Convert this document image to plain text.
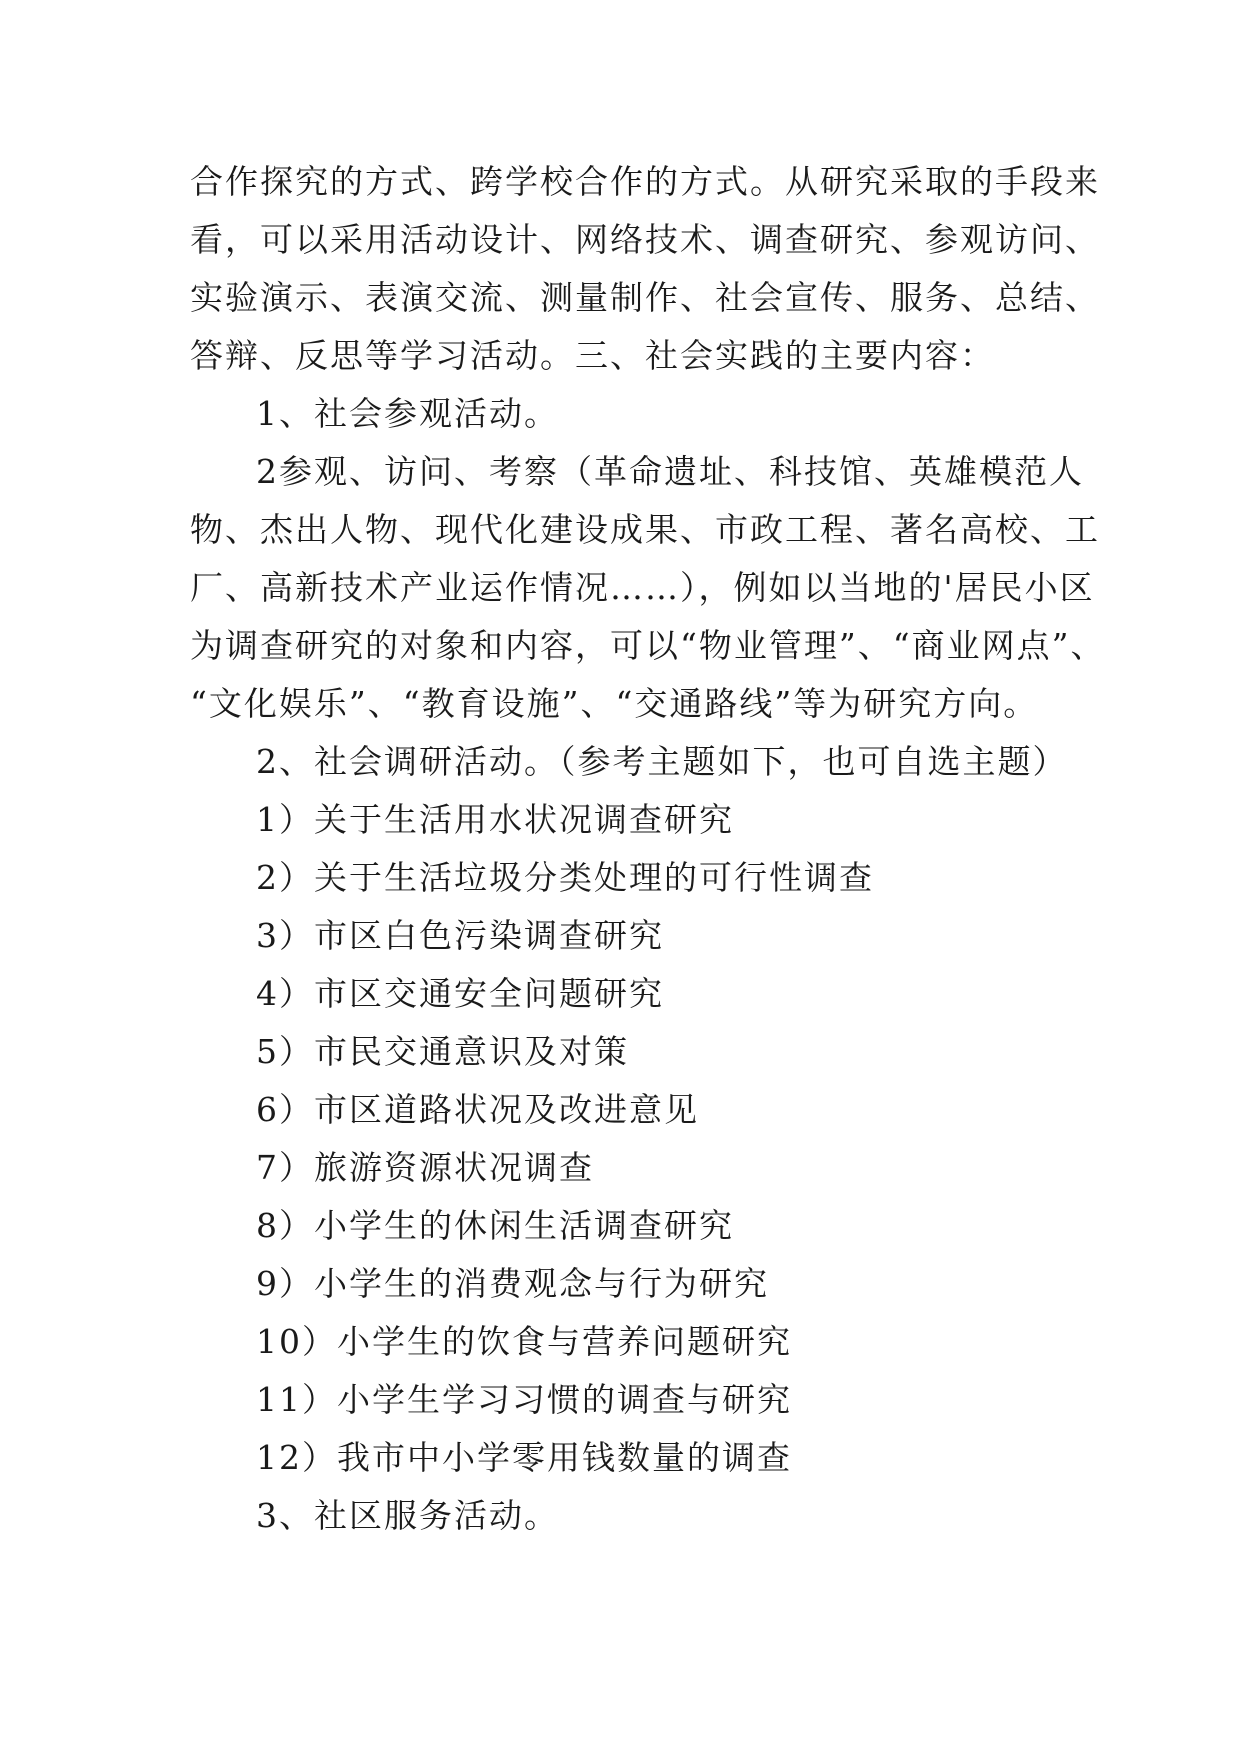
合作探究的方式、跨学校合作的方式。从研究采取的手段来
看，可以采用活动设计、网络技术、调查研究、参观访问、
实验演示、表演交流、测量制作、社会宣传、服务、总结、
答辩、反思等学习活动。三、社会实践的主要内容：
1、社会参观活动。
2参观、访问、考察（革命遗址、科技馆、英雄模范人
物、杰出人物、现代化建设成果、市政工程、著名高校、工
厂、高新技术产业运作情况……），例如以当地的'居民小区
为调查研究的对象和内容，可以“物业管理”、“商业网点”、
“文化娱乐”、“教育设施”、“交通路线”等为研究方向。
2、社会调研活动。（参考主题如下，也可自选主题）
1）关于生活用水状况调查研究
2）关于生活垃圾分类处理的可行性调查
3）市区白色污染调查研究
4）市区交通安全问题研究
5）市民交通意识及对策
6）市区道路状况及改进意见
7）旅游资源状况调查
8）小学生的休闲生活调查研究
9）小学生的消费观念与行为研究
10）小学生的饮食与营养问题研究
11）小学生学习习惯的调查与研究
12）我市中小学零用钱数量的调查
3、社区服务活动。
